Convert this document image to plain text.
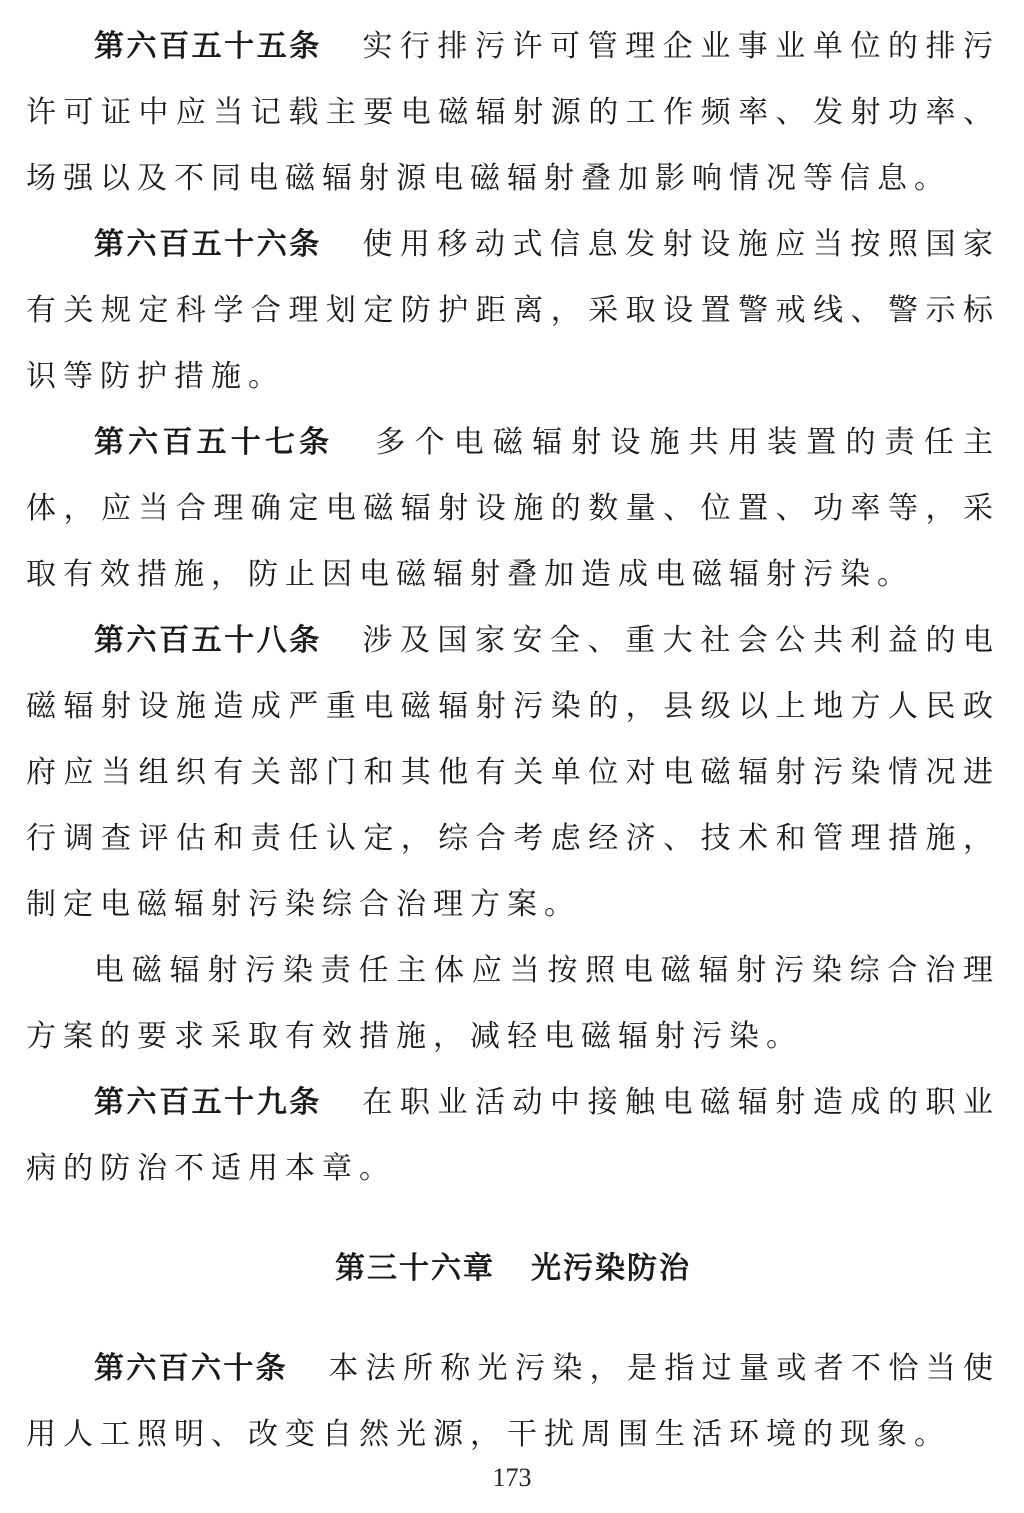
第六百五十五条 实行排污许可管理企业事业单位的排污许可证中应当记载主要电磁辐射源的工作频率、发射功率、场强以及不同电磁辐射源电磁辐射叠加影响情况等信息。

第六百五十六条 使用移动式信息发射设施应当按照国家有关规定科学合理划定防护距离，采取设置警戒线、警示标识等防护措施。

第六百五十七条 多个电磁辐射设施共用装置的责任主体，应当合理确定电磁辐射设施的数量、位置、功率等，采取有效措施，防止因电磁辐射叠加造成电磁辐射污染。

第六百五十八条 涉及国家安全、重大社会公共利益的电磁辐射设施造成严重电磁辐射污染的，县级以上地方人民政府应当组织有关部门和其他有关单位对电磁辐射污染情况进行调查评估和责任认定，综合考虑经济、技术和管理措施，制定电磁辐射污染综合治理方案。

电磁辐射污染责任主体应当按照电磁辐射污染综合治理方案的要求采取有效措施，减轻电磁辐射污染。

第六百五十九条 在职业活动中接触电磁辐射造成的职业病的防治不适用本章。

第三十六章 光污染防治

第六百六十条 本法所称光污染，是指过量或者不恰当使用人工照明、改变自然光源，干扰周围生活环境的现象。

173
